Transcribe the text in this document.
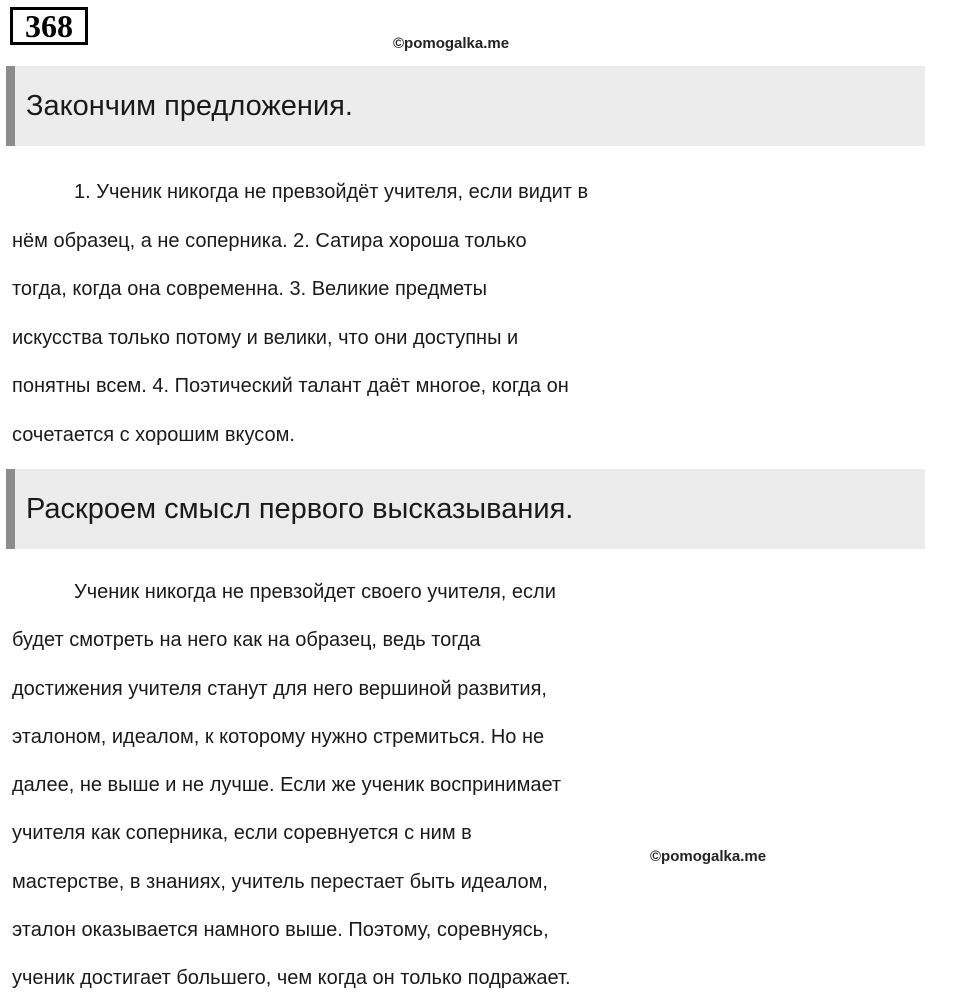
368	©pomogalka.me
Закончим предложения.
1. Ученик никогда не превзойдёт учителя, если видит в
нём образец, а не соперника. 2. Сатира хороша только
тогда, когда она современна. 3. Великие предметы
искусства только потому и велики, что они доступны и
понятны всем. 4. Поэтический талант даёт многое, когда он
сочетается с хорошим вкусом.
Раскроем смысл первого высказывания.
Ученик никогда не превзойдет своего учителя, если
будет смотреть на него как на образец, ведь тогда
достижения учителя станут для него вершиной развития,
эталоном, идеалом, к которому нужно стремиться. Но не
далее, не выше и не лучше. Если же ученик воспринимает
учителя как соперника, если соревнуется с ним в
мастерстве, в знаниях, учитель перестает быть идеалом,
эталон оказывается намного выше. Поэтому, соревнуясь,
ученик достигает большего, чем когда он только подражает.
©pomogalka.me
